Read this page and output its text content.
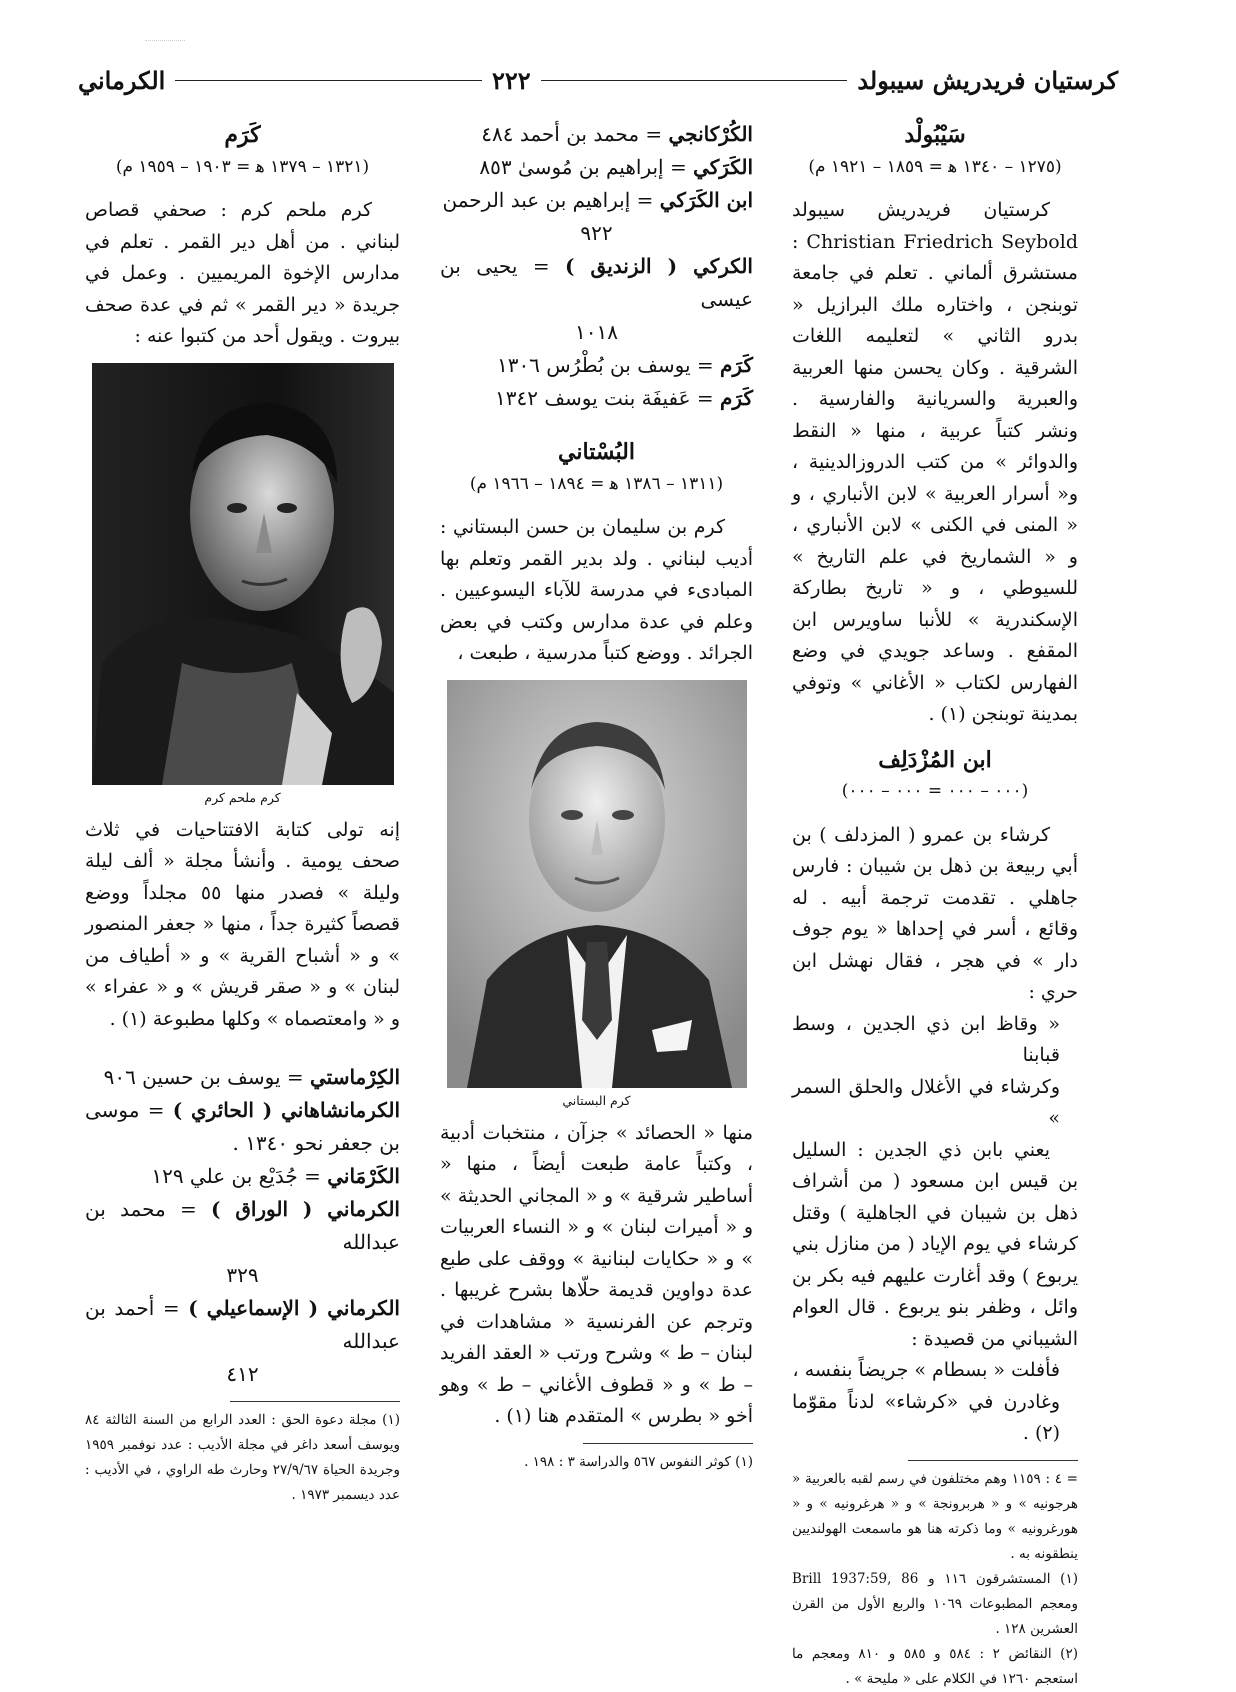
كرستيان فريدريش سيبولد
٢٢٢
الكرماني
سَيْبُولْد
(١٢٧٥ – ١٣٤٠ ﻫ = ١٨٥٩ – ١٩٢١ م)

كرستيان فريدريش سيبولد Christian Friedrich Seybold : مستشرق ألماني . تعلم في جامعة توبنجن ، واختاره ملك البرازيل « بدرو الثاني » لتعليمه اللغات الشرقية . وكان يحسن منها العربية والعبرية والسريانية والفارسية . ونشر كتباً عربية ، منها « النقط والدوائر » من كتب الدروزالدينية ، و« أسرار العربية » لابن الأنباري ، و « المنى في الكنى » لابن الأنباري ، و « الشماريخ في علم التاريخ » للسيوطي ، و « تاريخ بطاركة الإسكندرية » للأنبا ساويرس ابن المقفع . وساعد جويدي في وضع الفهارس لكتاب « الأغاني » وتوفي بمدينة توبنجن (١) .

ابن المُزْدَلِف
(٠٠٠ – ٠٠٠ = ٠٠٠ – ٠٠٠)

كرشاء بن عمرو ( المزدلف ) بن أبي ربيعة بن ذهل بن شيبان : فارس جاهلي . تقدمت ترجمة أبيه . له وقائع ، أسر في إحداها « يوم جوف دار » في هجر ، فقال نهشل ابن حري :

« وقاظ ابن ذي الجدين ، وسط قبابنا

وكرشاء في الأغلال والحلق السمر »

يعني بابن ذي الجدين : السليل بن قيس ابن مسعود ( من أشراف ذهل بن شيبان في الجاهلية ) وقتل كرشاء في يوم الإياد ( من منازل بني يربوع ) وقد أغارت عليهم فيه بكر بن وائل ، وظفر بنو يربوع . قال العوام الشيباني من قصيدة :

فأفلت « بسطام » جريضاً بنفسه ،

وغادرن في «كرشاء» لدناً مقوّما (٢) .

= ٤ : ١١٥٩ وهم مختلفون في رسم لقبه بالعربية « هرجونيه » و « هربرونجة » و « هرغرونيه » و « هورغرونيه » وما ذكرته هنا هو ماسمعت الهولنديين ينطقونه به .

(١) المستشرقون ١١٦ و Brill 1937:59, 86 ومعجم المطبوعات ١٠٦٩ والربع الأول من القرن العشرين ١٢٨ .

(٢) النقائض ٢ : ٥٨٤ و ٥٨٥ و ٨١٠ ومعجم ما استعجم ١٢٦٠ في الكلام على « مليحة » .

الكُرْكانجي = محمد بن أحمد ٤٨٤

الكَرَكي = إبراهيم بن مُوسىٰ ٨٥٣

ابن الكَرَكي = إبراهيم بن عبد الرحمن
٩٢٢

الكركي ( الزنديق ) = يحيى بن عيسى
١٠١٨

كَرَم = يوسف بن بُطْرُس ١٣٠٦

كَرَم = عَفيفَة بنت يوسف ١٣٤٢

البُسْتاني
(١٣١١ – ١٣٨٦ ﻫ = ١٨٩٤ – ١٩٦٦ م)

كرم بن سليمان بن حسن البستاني : أديب لبناني . ولد بدير القمر وتعلم بها المبادىء في مدرسة للآباء اليسوعيين . وعلم في عدة مدارس وكتب في بعض الجرائد . ووضع كتباً مدرسية ، طبعت ،

كرم البستاني

منها « الحصائد » جزآن ، منتخبات أدبية ، وكتباً عامة طبعت أيضاً ، منها « أساطير شرقية » و « المجاني الحديثة » و « أميرات لبنان » و « النساء العربيات » و « حكايات لبنانية » ووقف على طبع عدة دواوين قديمة حلّاها بشرح غريبها . وترجم عن الفرنسية « مشاهدات في لبنان – ط » وشرح ورتب « العقد الفريد – ط » و « قطوف الأغاني – ط » وهو أخو « بطرس » المتقدم هنا (١) .

(١) كوثر النفوس ٥٦٧ والدراسة ٣ : ١٩٨ .

كَرَم
(١٣٢١ – ١٣٧٩ ﻫ = ١٩٠٣ – ١٩٥٩ م)

كرم ملحم كرم : صحفي قصاص لبناني . من أهل دير القمر . تعلم في مدارس الإخوة المريميين . وعمل في جريدة « دير القمر » ثم في عدة صحف بيروت . ويقول أحد من كتبوا عنه :

كرم ملحم كرم

إنه تولى كتابة الافتتاحيات في ثلاث صحف يومية . وأنشأ مجلة « ألف ليلة وليلة » فصدر منها ٥٥ مجلداً ووضع قصصاً كثيرة جداً ، منها « جعفر المنصور » و « أشباح القرية » و « أطياف من لبنان » و « صقر قريش » و « عفراء » و « وامعتصماه » وكلها مطبوعة (١) .

الكِرْماستي = يوسف بن حسين ٩٠٦

الكرمانشاهاني ( الحائري ) = موسى بن جعفر نحو ١٣٤٠ .

الكَرْمَاني = جُدَيْع بن علي ١٢٩

الكرماني ( الوراق ) = محمد بن عبدالله
٣٢٩

الكرماني ( الإسماعيلي ) = أحمد بن عبدالله
٤١٢

(١) مجلة دعوة الحق : العدد الرابع من السنة الثالثة ٨٤ ويوسف أسعد داغر في مجلة الأديب : عدد نوفمبر ١٩٥٩ وجريدة الحياة ٢٧/٩/٦٧ وحارث طه الراوي ، في الأديب : عدد ديسمبر ١٩٧٣ .
